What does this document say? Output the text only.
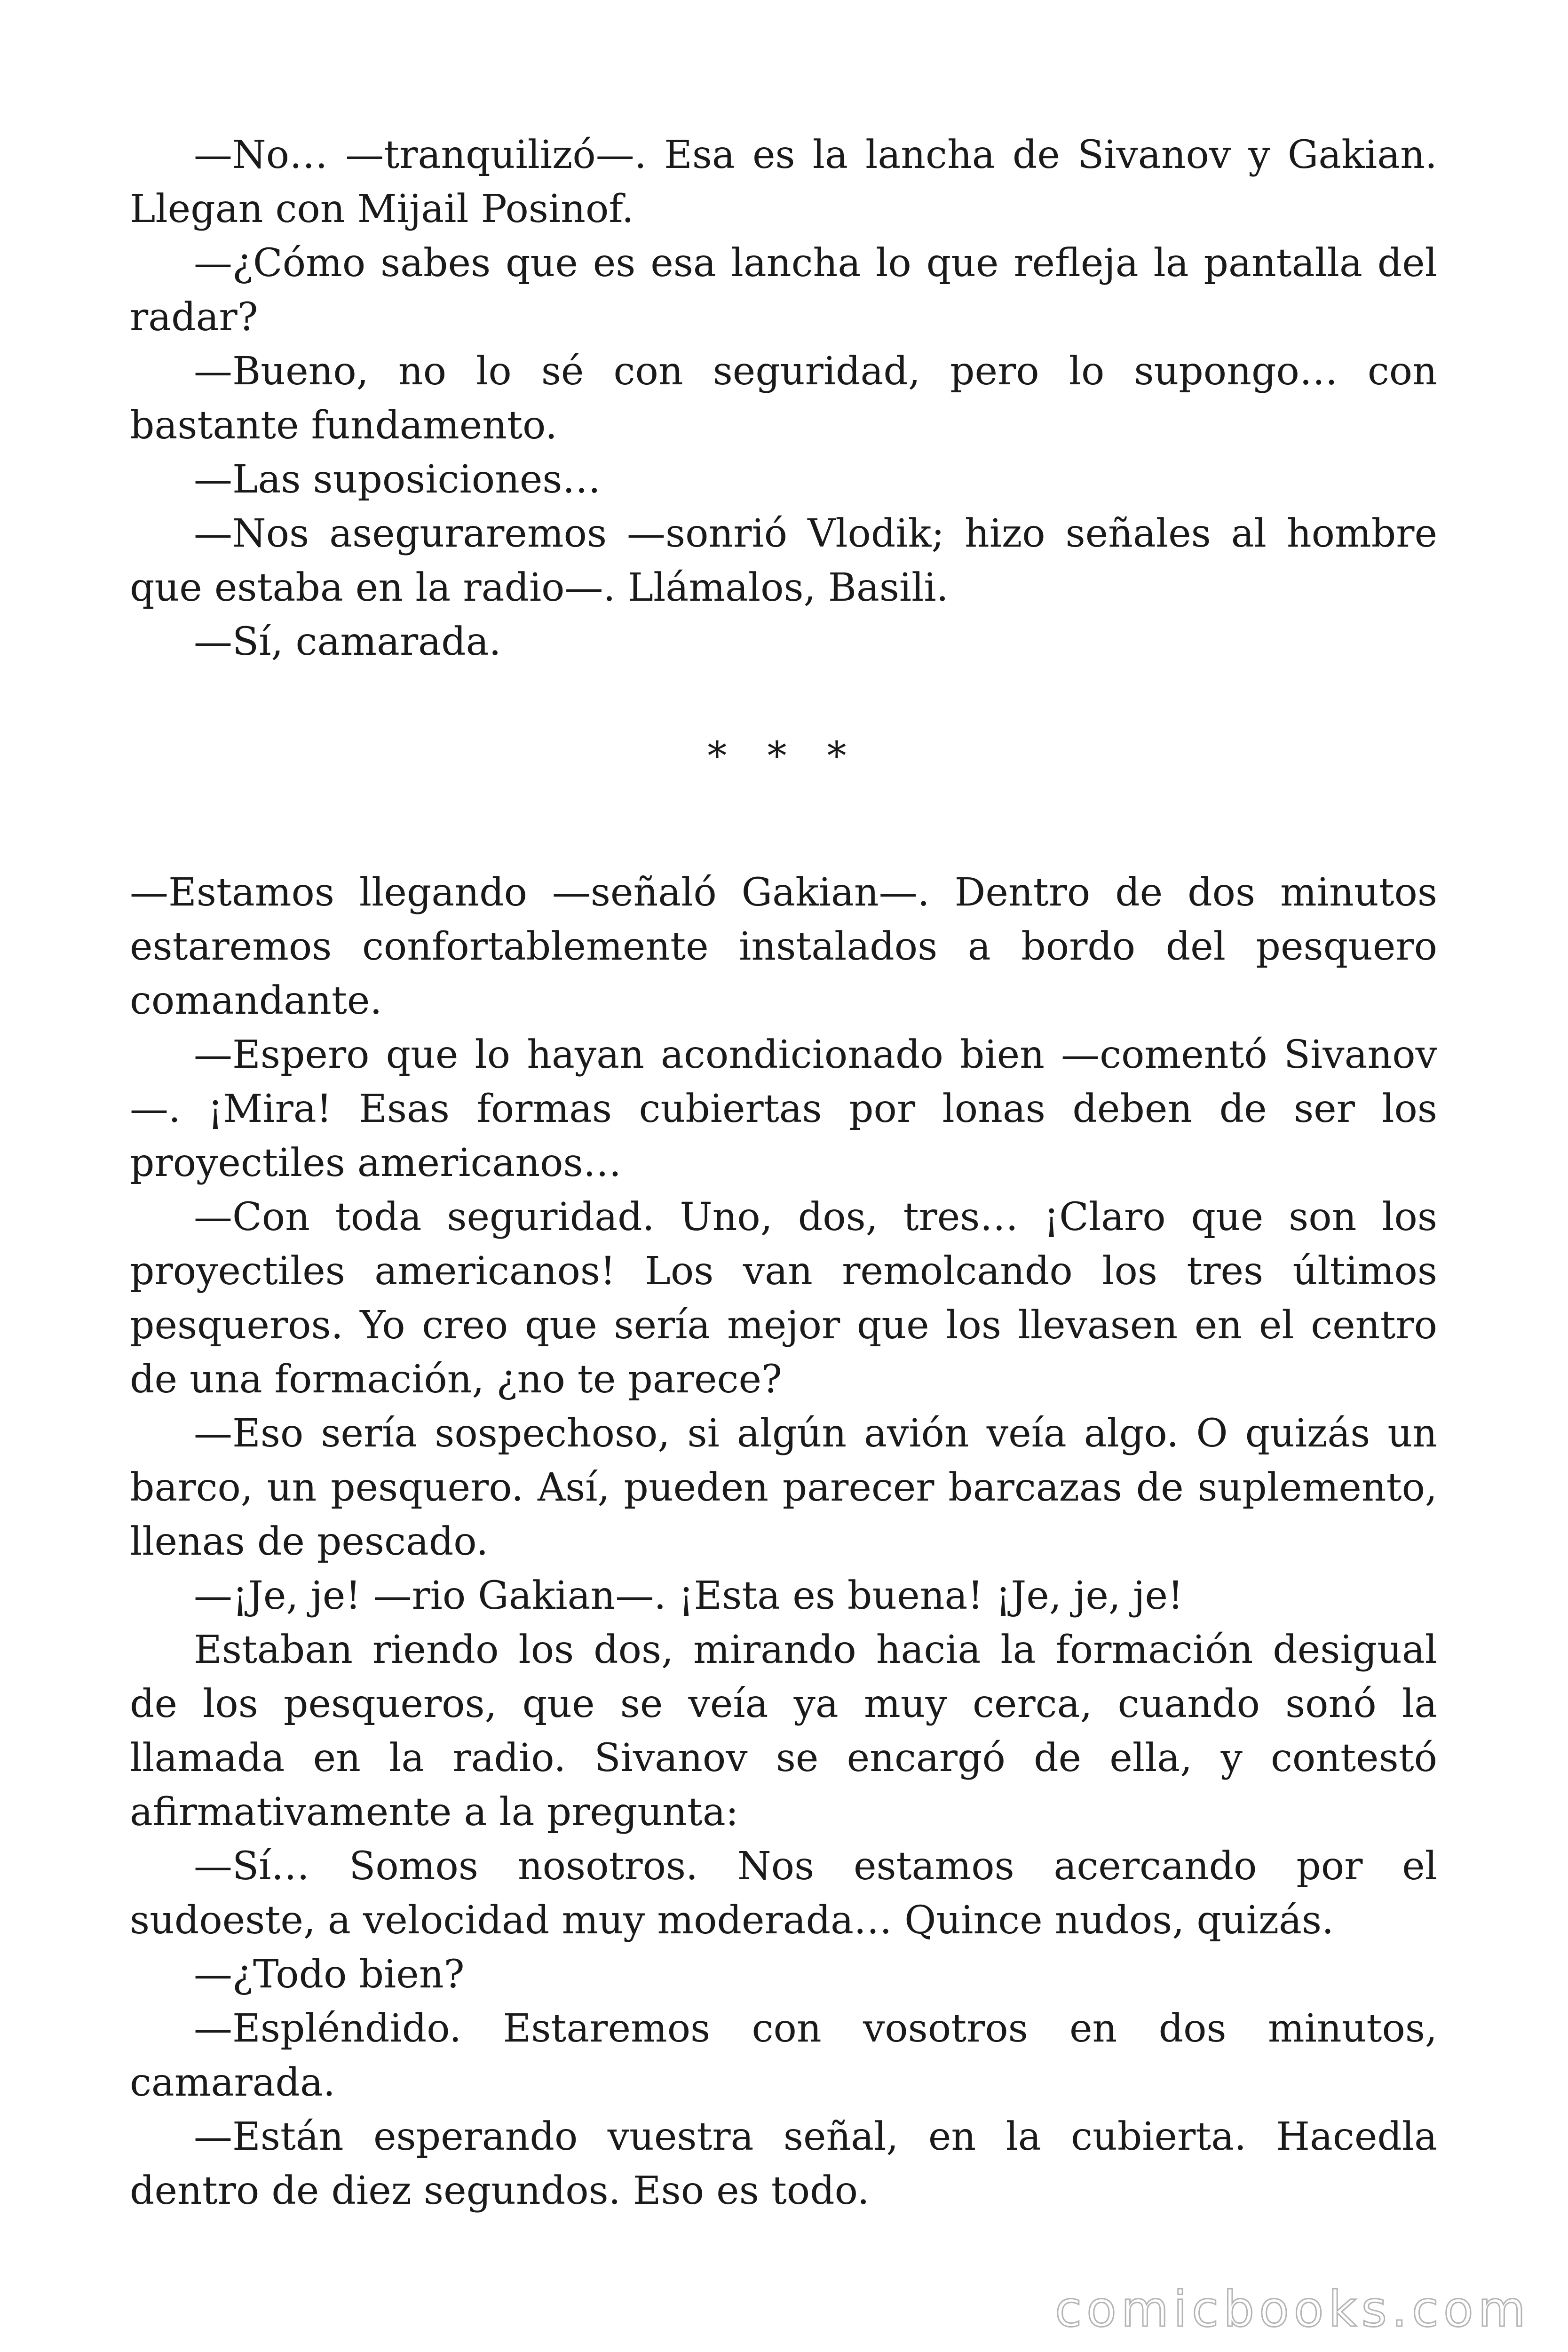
—No… —tranquilizó—. Esa es la lancha de Sivanov y Gakian. Llegan con Mijail Posinof.

—¿Cómo sabes que es esa lancha lo que refleja la pantalla del radar?

—Bueno, no lo sé con seguridad, pero lo supongo… con bastante fundamento.

—Las suposiciones…

—Nos aseguraremos —sonrió Vlodik; hizo señales al hombre que estaba en la radio—. Llámalos, Basili.

—Sí, camarada.

* * *

—Estamos llegando —señaló Gakian—. Dentro de dos minutos estaremos confortablemente instalados a bordo del pesquero comandante.

—Espero que lo hayan acondicionado bien —comentó Sivanov —. ¡Mira! Esas formas cubiertas por lonas deben de ser los proyectiles americanos…

—Con toda seguridad. Uno, dos, tres… ¡Claro que son los proyectiles americanos! Los van remolcando los tres últimos pesqueros. Yo creo que sería mejor que los llevasen en el centro de una formación, ¿no te parece?

—Eso sería sospechoso, si algún avión veía algo. O quizás un barco, un pesquero. Así, pueden parecer barcazas de suplemento, llenas de pescado.

—¡Je, je! —rio Gakian—. ¡Esta es buena! ¡Je, je, je!

Estaban riendo los dos, mirando hacia la formación desigual de los pesqueros, que se veía ya muy cerca, cuando sonó la llamada en la radio. Sivanov se encargó de ella, y contestó afirmativamente a la pregunta:

—Sí… Somos nosotros. Nos estamos acercando por el sudoeste, a velocidad muy moderada… Quince nudos, quizás.

—¿Todo bien?

—Espléndido. Estaremos con vosotros en dos minutos, camarada.

—Están esperando vuestra señal, en la cubierta. Hacedla dentro de diez segundos. Eso es todo.

comicbooks.com
